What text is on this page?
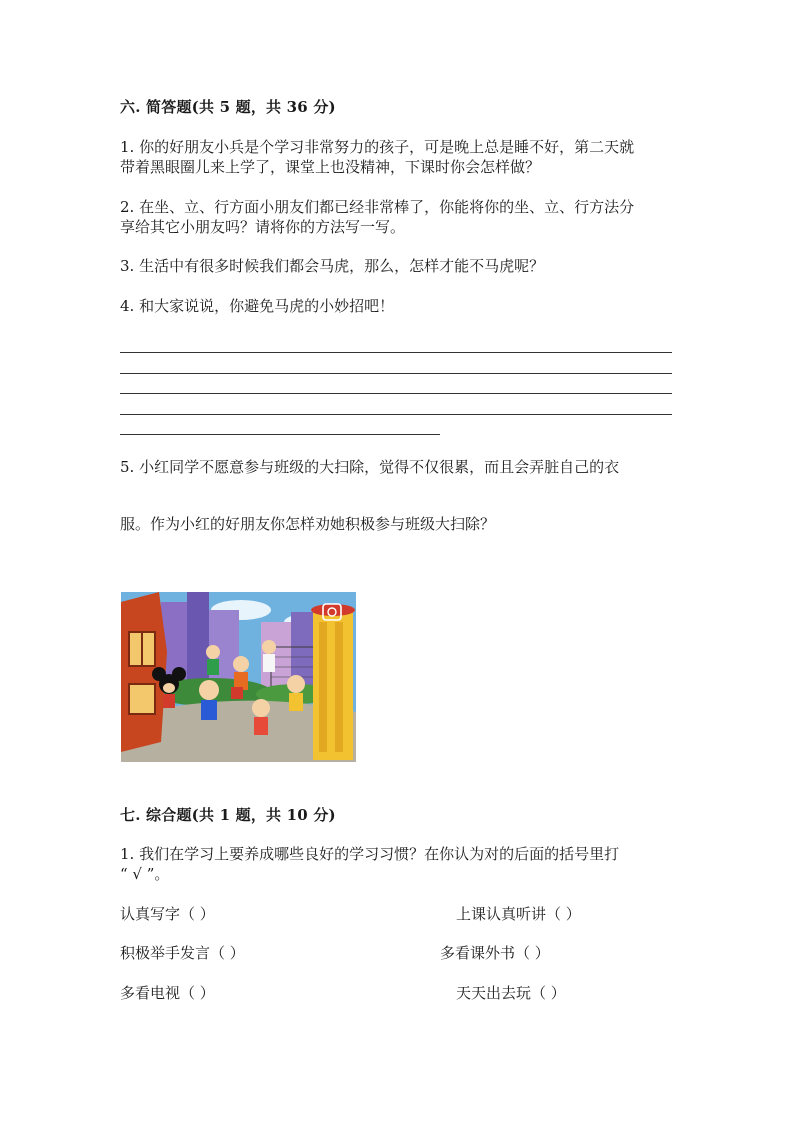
六. 简答题(共 5 题，共 36 分)
1. 你的好朋友小兵是个学习非常努力的孩子，可是晚上总是睡不好，第二天就
带着黑眼圈儿来上学了，课堂上也没精神，下课时你会怎样做？
2. 在坐、立、行方面小朋友们都已经非常棒了，你能将你的坐、立、行方法分
享给其它小朋友吗？请将你的方法写一写。
3. 生活中有很多时候我们都会马虎，那么，怎样才能不马虎呢？
4. 和大家说说，你避免马虎的小妙招吧！
5. 小红同学不愿意参与班级的大扫除，觉得不仅很累，而且会弄脏自己的衣
服。作为小红的好朋友你怎样劝她积极参与班级大扫除？
七. 综合题(共 1 题，共 10 分)
1. 我们在学习上要养成哪些良好的学习习惯？在你认为对的后面的括号里打
“ √ ”。
认真写字（ ）	上课认真听讲（ ）
积极举手发言（ ）	多看课外书（ ）
多看电视（ ）	天天出去玩（ ）
